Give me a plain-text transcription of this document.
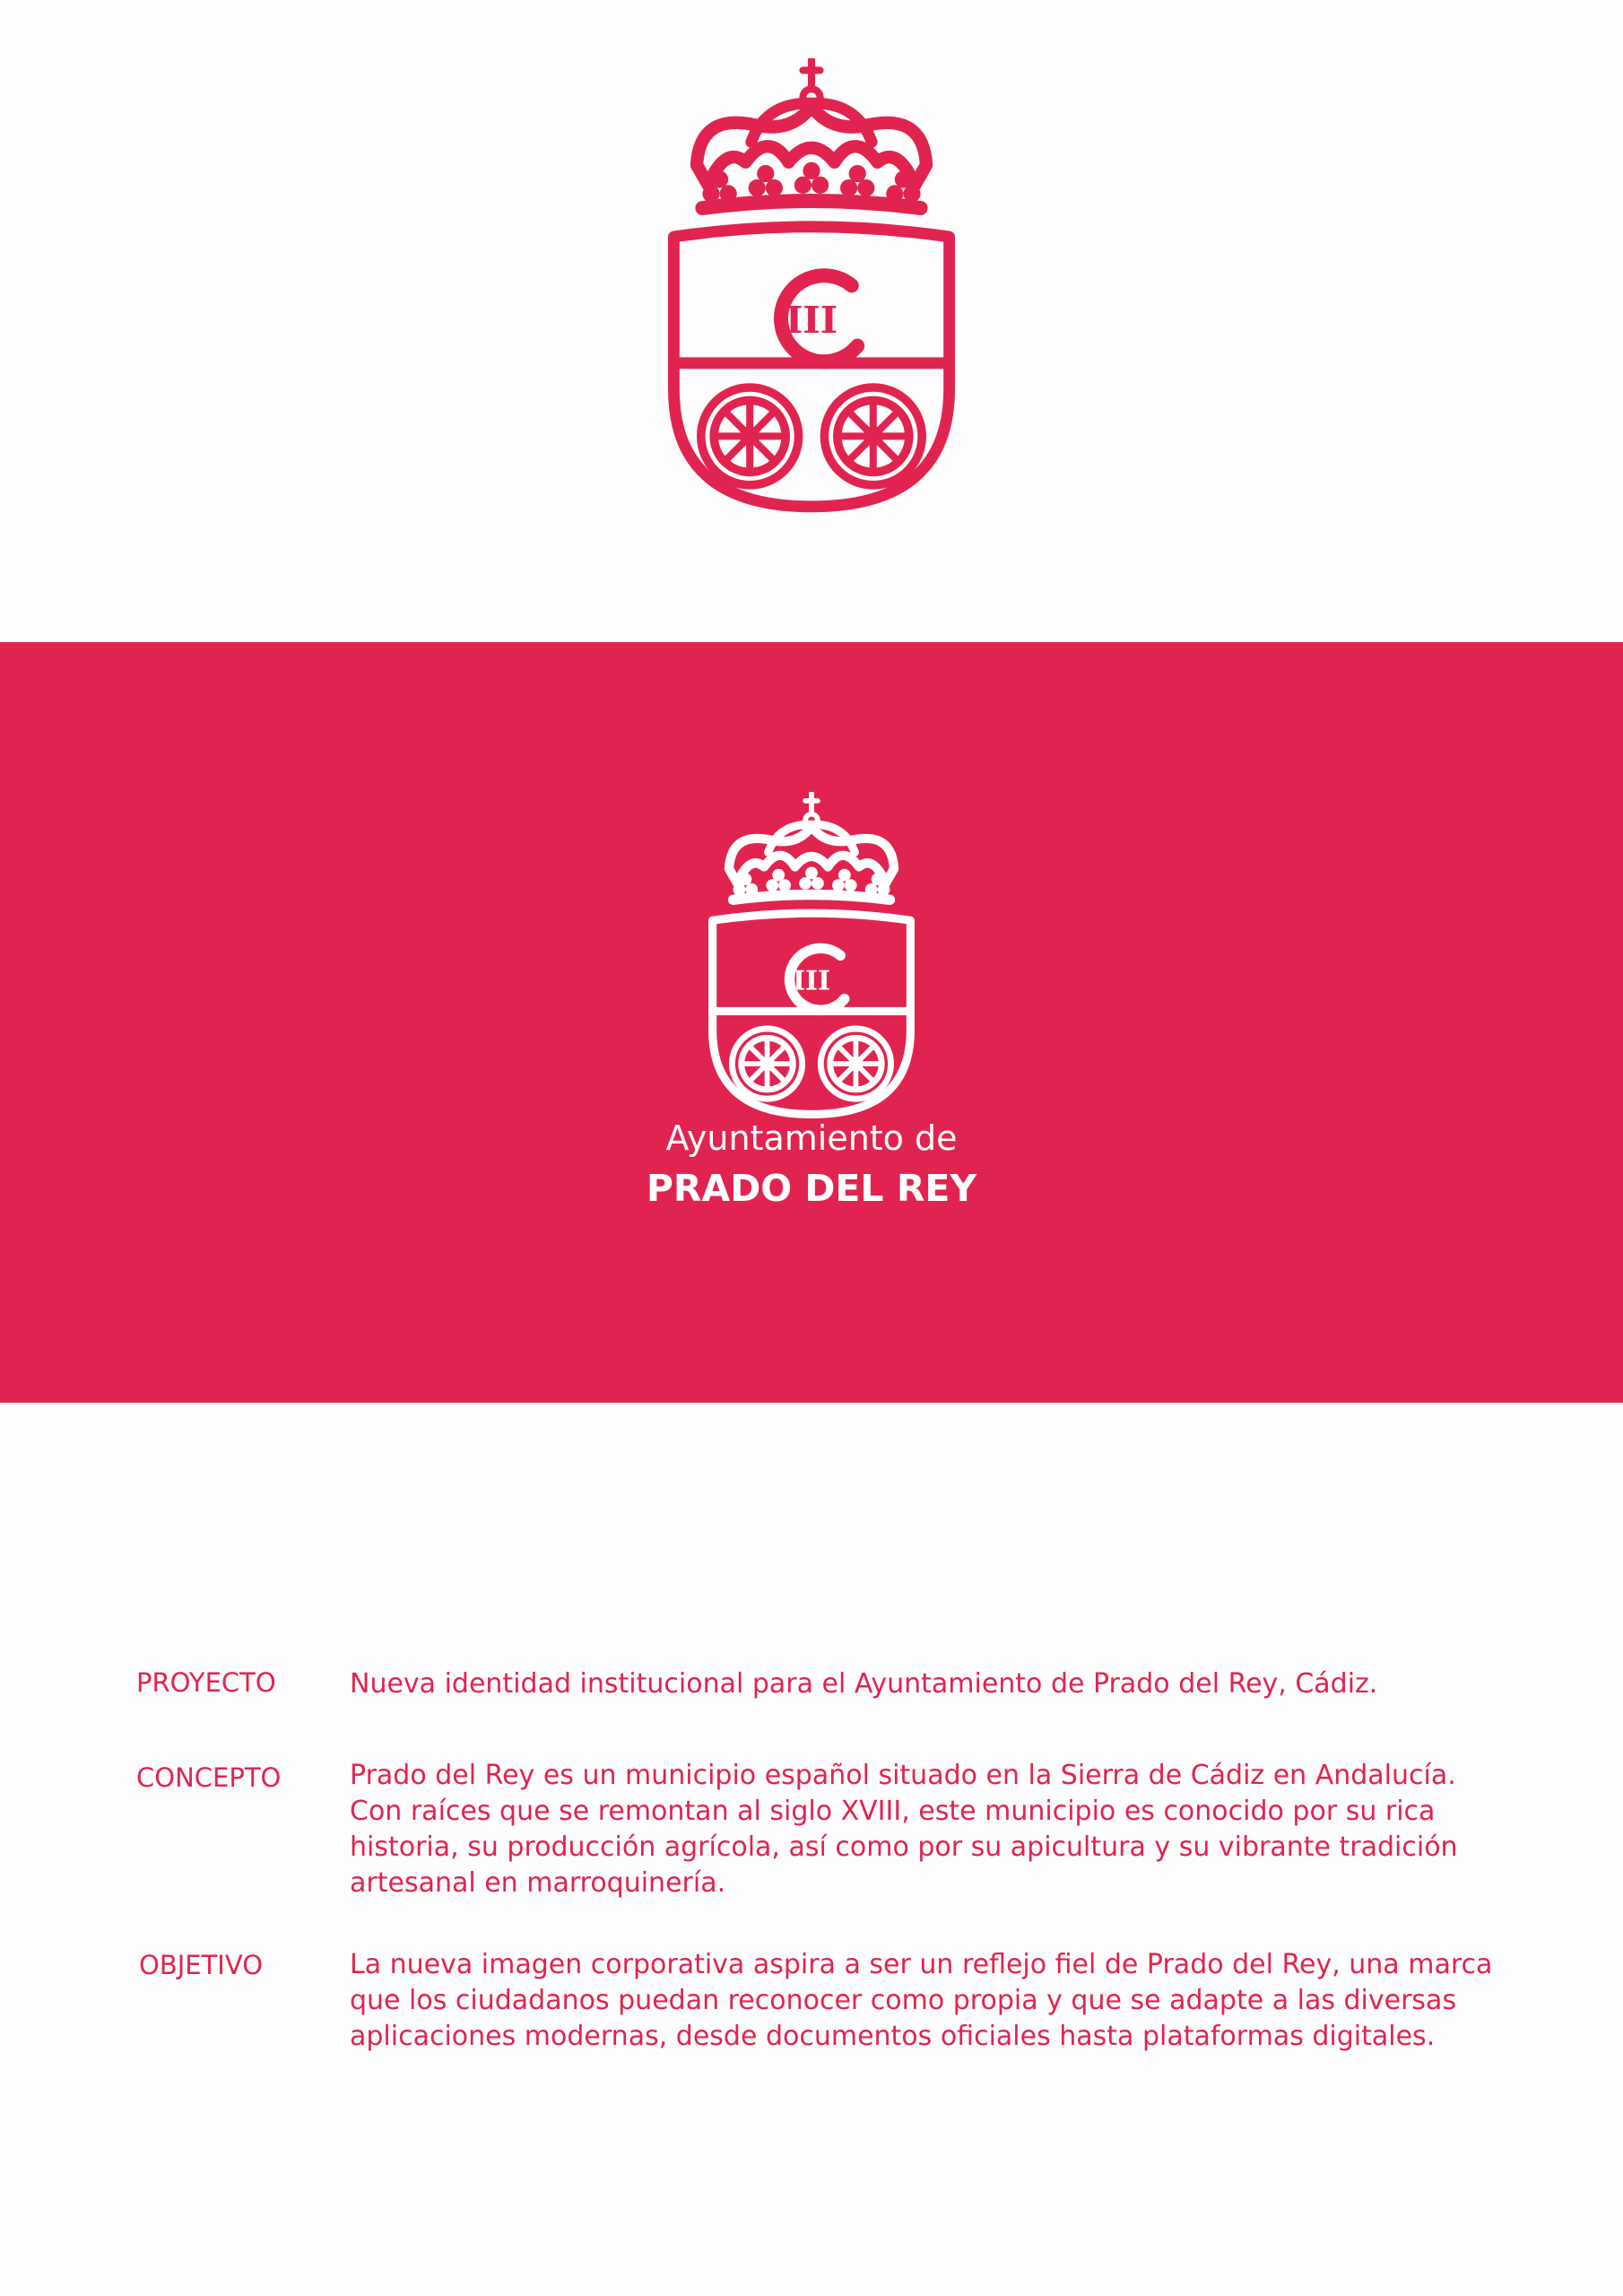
III
III
Ayuntamiento de
PRADO DEL REY
PROYECTO	Nueva identidad institucional para el Ayuntamiento de Prado del Rey, Cádiz.
CONCEPTO	Prado del Rey es un municipio español situado en la Sierra de Cádiz en Andalucía.
Con raíces que se remontan al siglo XVIII, este municipio es conocido por su rica
historia, su producción agrícola, así como por su apicultura y su vibrante tradición
artesanal en marroquinería.
OBJETIVO	La nueva imagen corporativa aspira a ser un reflejo fiel de Prado del Rey, una marca
que los ciudadanos puedan reconocer como propia y que se adapte a las diversas
aplicaciones modernas, desde documentos oficiales hasta plataformas digitales.
